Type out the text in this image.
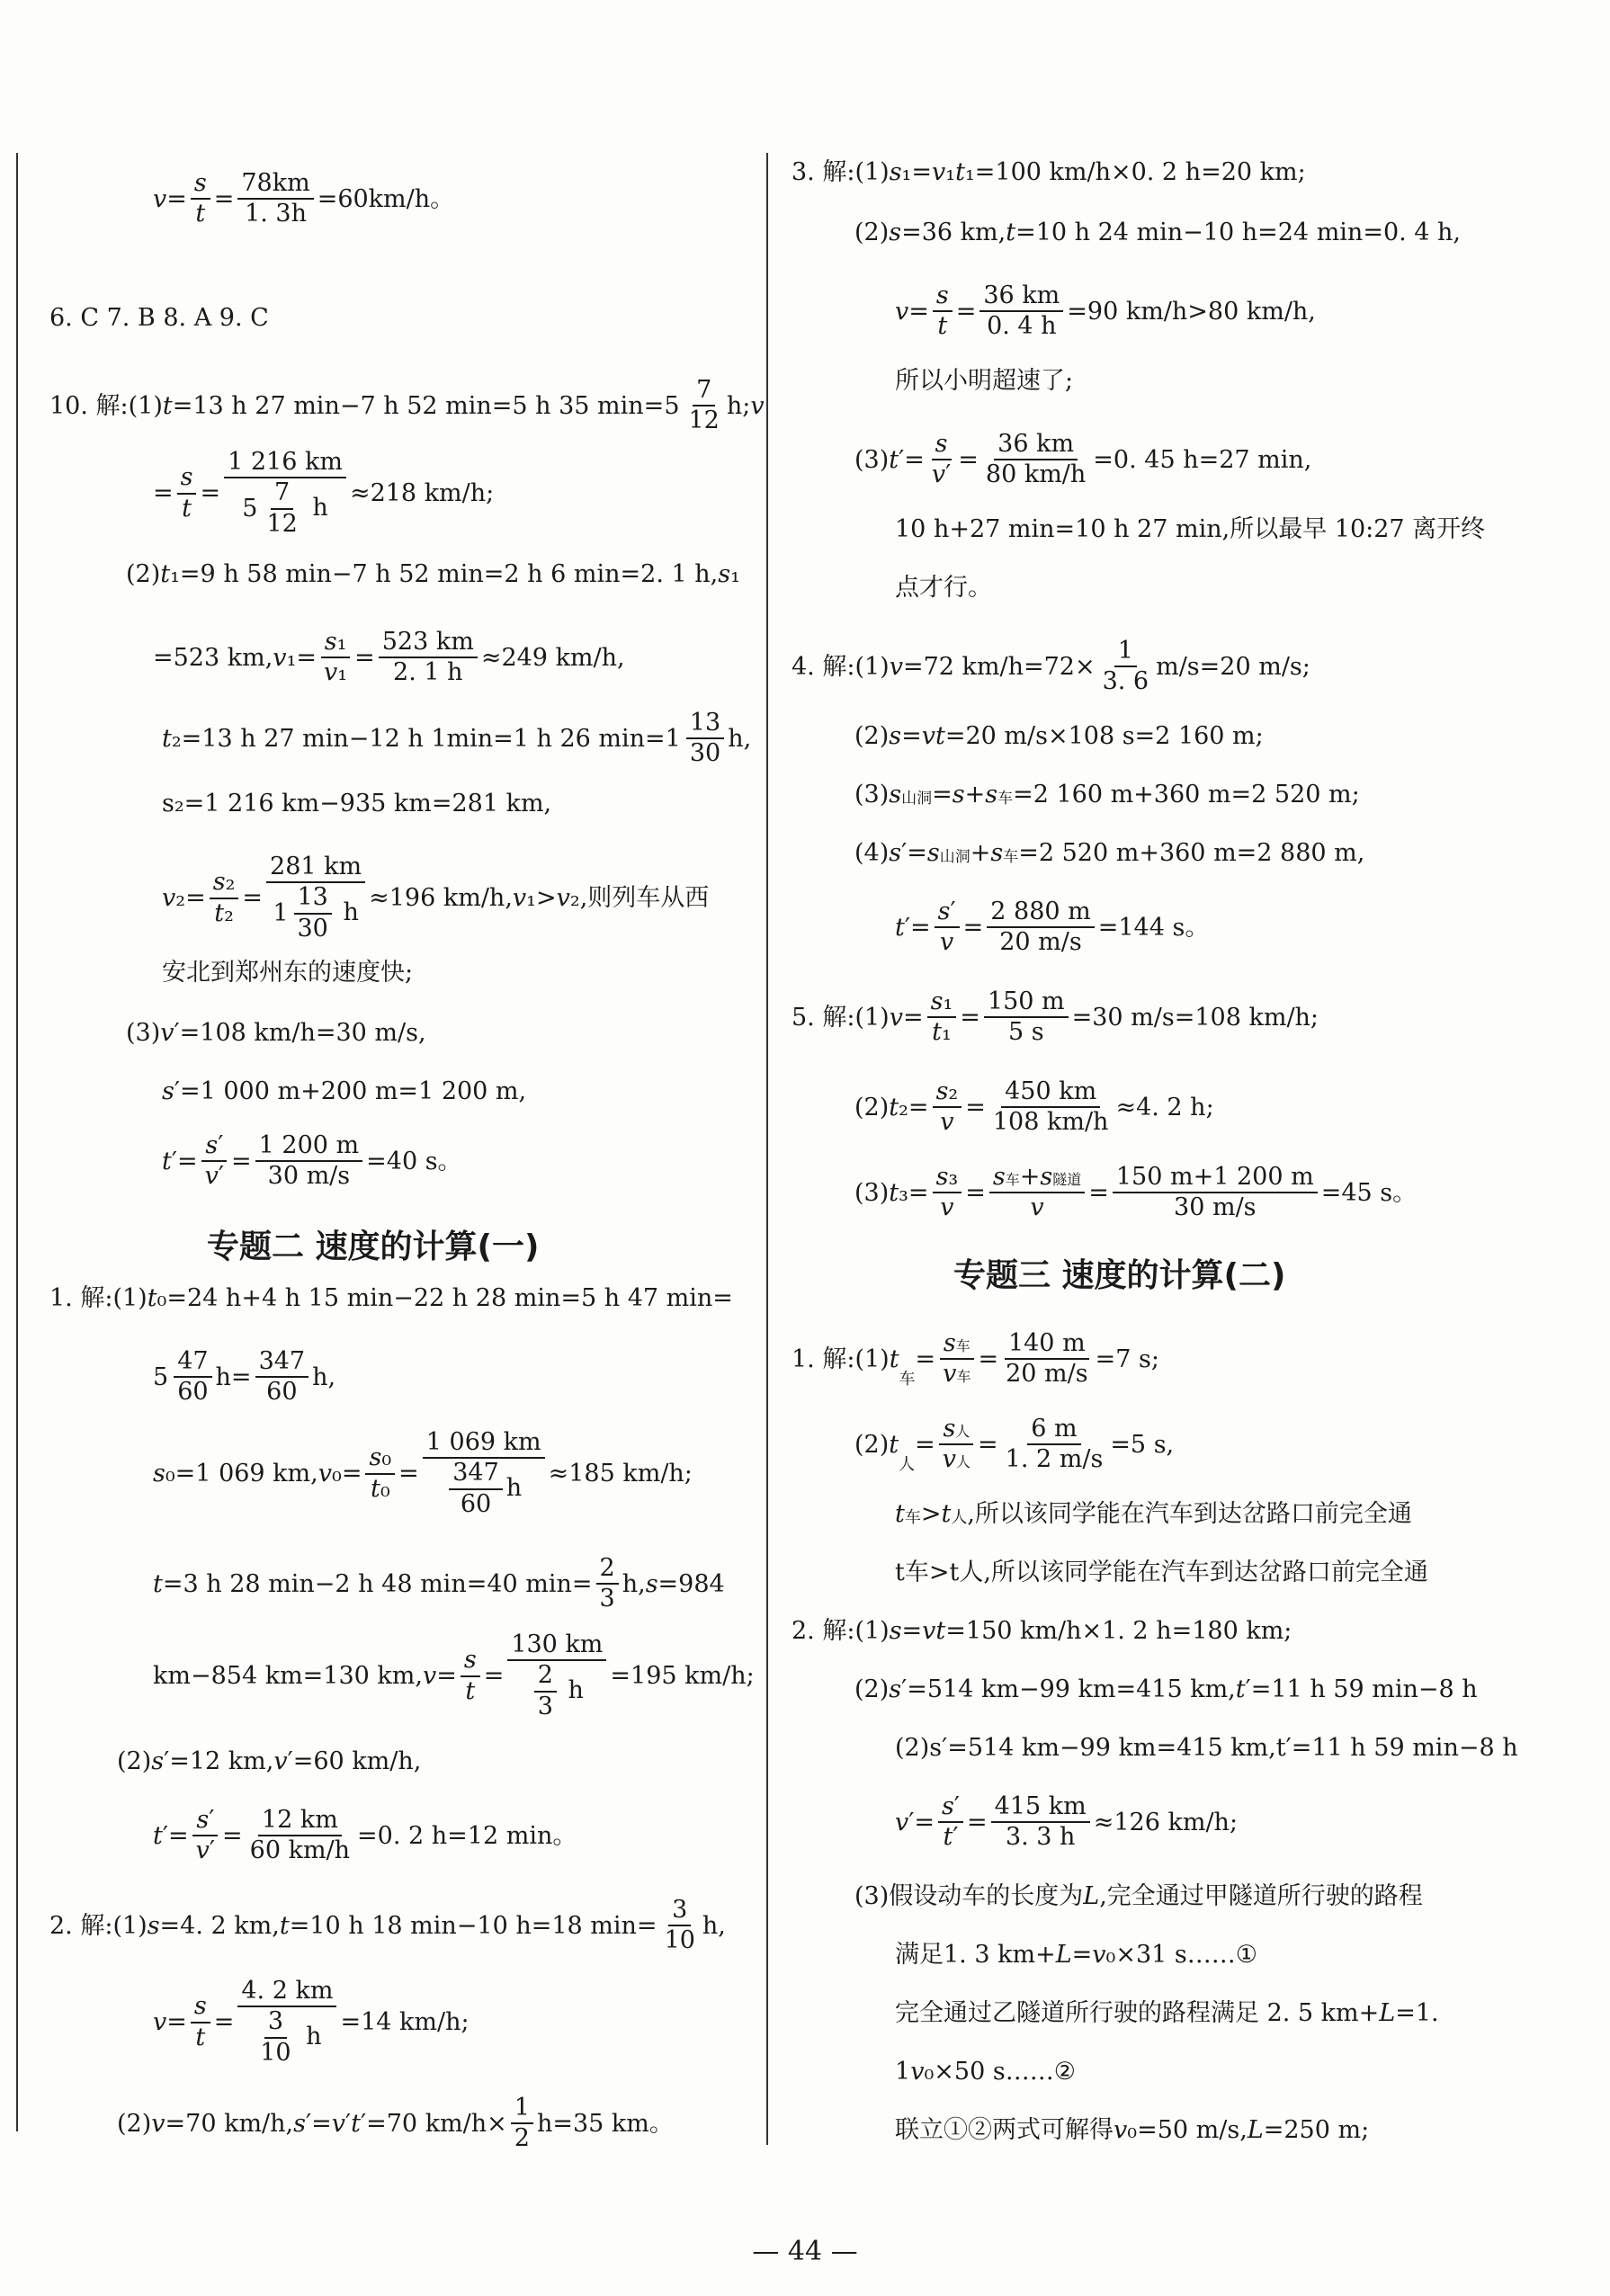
$v = \frac{s}{t} = \frac{78km}{1. 3h} =60km/h$。
6. C 7. B 8. A 9. C
10. 解:(1) t =13 h 27 min−7 h 52 min=5 h 35 $\min= 5 \frac{7}{12} h$; v
= $\frac{s}{t} = \frac{1 216 km}{5 \frac{7}{12} h} \approx 218$ km/h;
(2) t ₁=9 h 58 min−7 h 52 min=2 h 6 min=2. 1 h, s ₁
=523 km, v $_1= \frac{\text{s₁}}{\text{v₁}} = \frac{523 km}{2. 1 h} \approx 249$ km/h,
t ₂=13 h 27 min−12 h 1min=1 h 26 $\min= 1 \frac{13}{30} h$,
s₂=1 216 km−935 km=281 km,
v $_2= \frac{\text{s₂}}{\text{t₂}} = \frac{281 km}{1 \frac{13}{30} h} \approx 196$ km/h, v ₁> v ₂,则列车从西
安北到郑州东的速度快;
(3) v ′=108 km/h=30 m/s,
s ′=1 000 m+200 m=1 200 m,
t ′= $\frac{s'}{v'} = \frac{1 200 m}{30 m/s} =40$ s。
专题二 速度的计算(一)
1. 解:(1) t ₀=24 h+4 h 15 min−22 h 28 min=5 h 47 min=
$5 \frac{47}{60} h= \frac{347}{60} h$,
s ₀=1 069 km, v $_0= \frac{\text{s₀}}{\text{t₀}} = \frac{1 069 km}{\frac{347}{60} h} \approx 185$ km/h;
t =3 h 28 min−2 h 48 min=40 $\min= \frac{2}{3} h$, s =984
km−854 km=130 km, $v = \frac{s}{t} = \frac{130 km}{\frac{2}{3} h} =195$ km/h;
(2) s ′=12 km, v ′=60 km/h,
t ′= $\frac{s'}{v'} = \frac{12 km}{60 km/h} =0$. 2 h=12 min。
2. 解:(1) s =4. 2 km, t =10 h 18 min−10 h=18 $\min= \frac{3}{10} h$,
$v = \frac{s}{t} = \frac{4. 2 km}{\frac{3}{10} h} =14$ km/h;
(2) v =70 km/h, s ′= v ′ t ′=70 $km/h\times \frac{1}{2} h=35$ km。
3. 解:(1) s ₁= v ₁ t ₁=100 km/h×0. 2 h=20 km;
(2) s =36 km, t =10 h 24 min−10 h=24 min=0. 4 h,
$v = \frac{s}{t} = \frac{36 km}{0. 4 h} =90$ km/h>80 km/h,
所以小明超速了;
(3) t ′= $\frac{s}{v'} = \frac{36 km}{80 km/h} =0$. 45 h=27 min,
10 h+27 min=10 h 27 min,所以最早 10:27 离开终
点才行。
4. 解:(1) v =72 $km/h=72\times \frac{1}{3. 6} m/s=20$ m/s;
(2) s = vt =20 m/s×108 s=2 160 m;
(3) s 山洞 = s + s 车 =2 160 m+360 m=2 520 m;
(4) s ′= s 山洞 + s 车 =2 520 m+360 m=2 880 m,
t ′= $\frac{s'}{v} = \frac{2 880 m}{20 m/s} =144$ s。
5. 解:(1) $v = \frac{\text{s₁}}{\text{t₁}} = \frac{150 m}{5 s} =30$ m/s=108 km/h;
(2) t $_2= \frac{\text{s₂}}{v} = \frac{450 km}{108 km/h} \approx 4$. 2 h;
(3) t $_3= \frac{\text{s₃}}{v} = \frac{\text{s车+s隧道}}{v} = \frac{150 m+1 200 m}{30 m/s} =45$ s。
专题三 速度的计算(二)
1. 解:(1) t
车
= $\frac{\text{s车}}{\text{v车}} = \frac{140 m}{20 m/s} =7$ s;
(2) t
人
= $\frac{\text{s人}}{\text{v人}} = \frac{6 m}{1. 2 m/s} =5$ s,
t 车 > t 人 ,所以该同学能在汽车到达岔路口前完全通
t车>t人,所以该同学能在汽车到达岔路口前完全通
2. 解:(1) s = vt =150 km/h×1. 2 h=180 km;
(2) s ′=514 km−99 km=415 km, t ′=11 h 59 min−8 h
(2)s′=514 km−99 km=415 km,t′=11 h 59 min−8 h
v ′= $\frac{s'}{t'} = \frac{415 km}{3. 3 h} \approx 126$ km/h;
(3)假设动车的长度为 L ,完全通过甲隧道所行驶的路程
满足1. 3 km+ L = v ₀×31 s……①
完全通过乙隧道所行驶的路程满足 2. 5 km+ L =1.
1 v ₀×50 s……②
联立①②两式可解得 v ₀=50 m/s, L =250 m;
— 44 —
